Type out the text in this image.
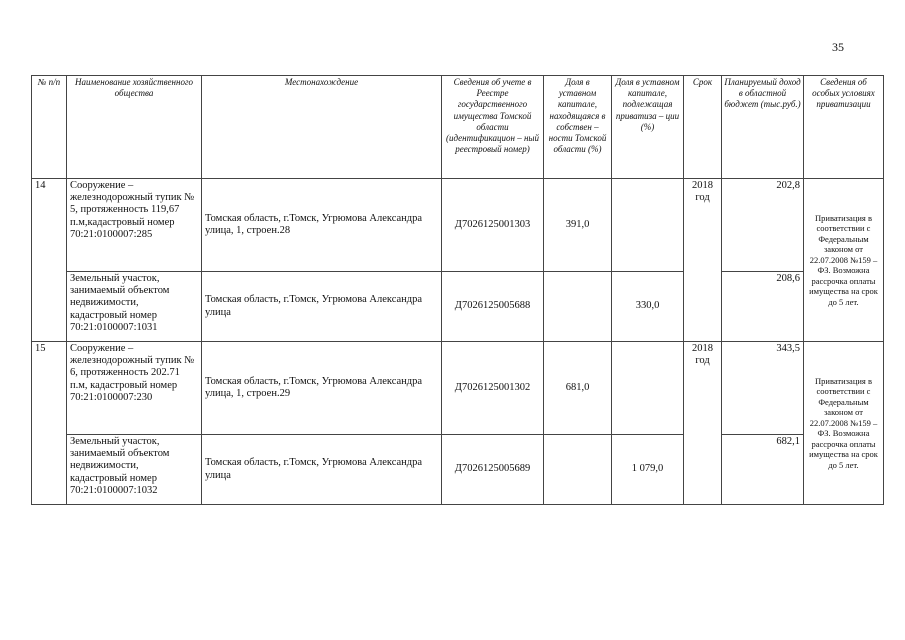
35
№ п/п	Наименование хозяйственного общества	Местонахождение	Сведения об учете в Реестре государственного имущества Томской области (идентификацион – ный реестровый номер)	Доля в уставном капитале, находящаяся в собствен – ности Томской области (%)	Доля в уставном капитале, подлежащая приватиза – ции (%)	Срок	Планируемый доход в областной бюджет (тыс.руб.)	Сведения об особых условиях приватизации
14	Сооружение – железнодорожный тупик № 5, протяженность 119,67 п.м,кадастровый номер 70:21:0100007:285	Томская область, г.Томск, Угрюмова Александра улица, 1, строен.28	Д7026125001303	391,0		2018 год	202,8	Приватизация в соответствии с Федеральным законом от 22.07.2008 №159 – ФЗ. Возможна рассрочка оплаты имущества на срок до 5 лет.
	Земельный участок, занимаемый объектом недвижимости, кадастровый номер 70:21:0100007:1031	Томская область, г.Томск, Угрюмова Александра улица	Д7026125005688		330,0		208,6	
15	Сооружение – железнодорожный тупик № 6, протяженность 202.71 п.м, кадастровый номер 70:21:0100007:230	Томская область, г.Томск, Угрюмова Александра улица, 1, строен.29	Д7026125001302	681,0		2018 год	343,5	Приватизация в соответствии с Федеральным законом от 22.07.2008 №159 – ФЗ. Возможна рассрочка оплаты имущества на срок до 5 лет.
	Земельный участок, занимаемый объектом недвижимости, кадастровый номер 70:21:0100007:1032	Томская область, г.Томск, Угрюмова Александра улица	Д7026125005689		1 079,0		682,1	
